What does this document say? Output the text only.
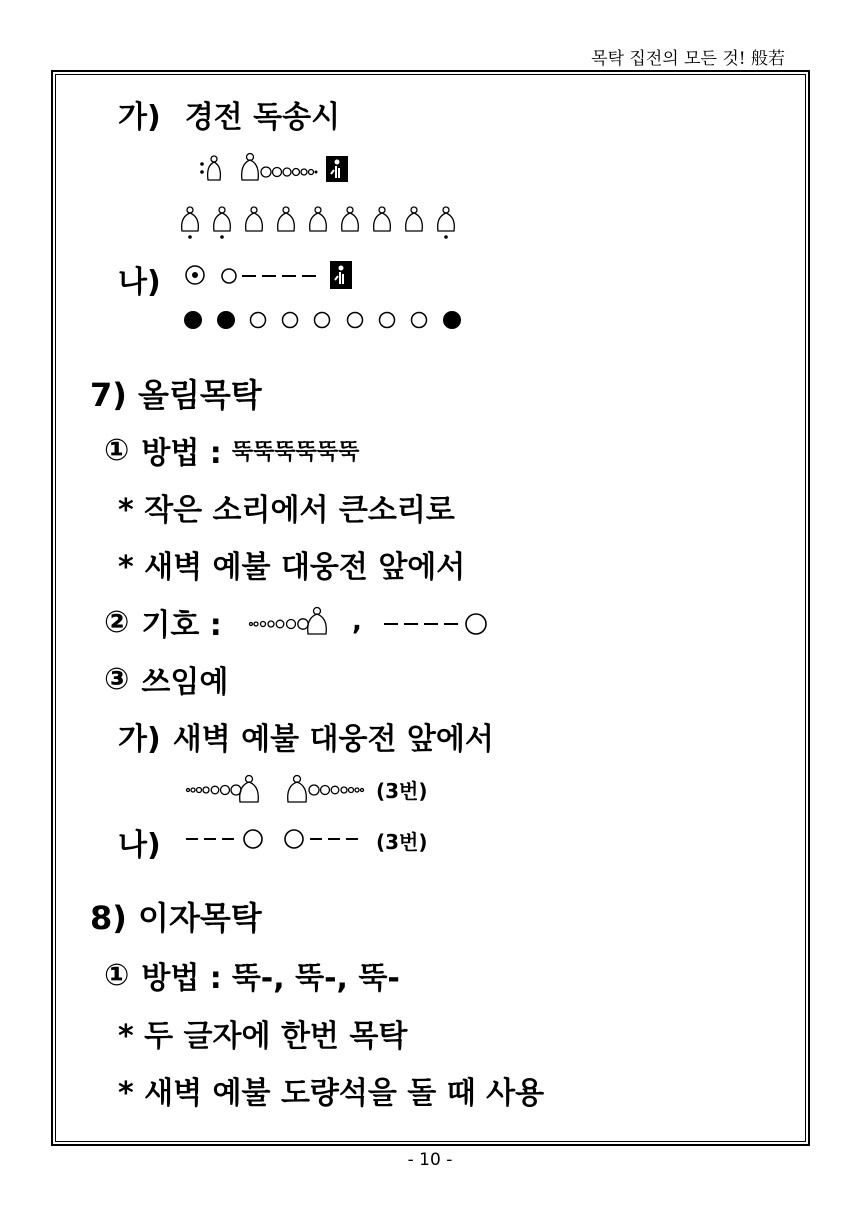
목탁 집전의 모든 것! 般若
가) 경전 독송시
나)
7) 올림목탁
① 방법 : 뚝뚝뚝뚝뚝뚝
* 작은 소리에서 큰소리로
* 새벽 예불 대웅전 앞에서
② 기호 :	,
③ 쓰임예
가) 새벽 예불 대웅전 앞에서
(3번)
나)	(3번)
8) 이자목탁
① 방법 : 뚝-, 뚝-, 뚝-
* 두 글자에 한번 목탁
* 새벽 예불 도량석을 돌 때 사용
- 10 -
